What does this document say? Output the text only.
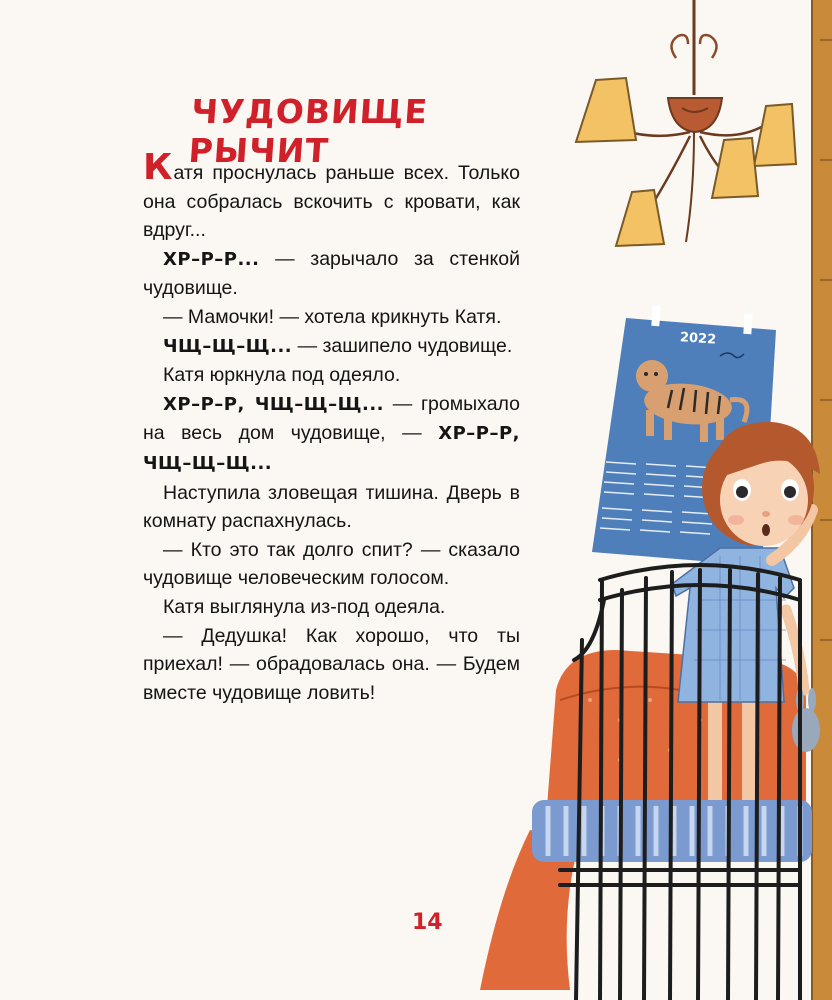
ЧУДОВИЩЕ РЫЧИТ

Катя проснулась раньше всех. Только она собралась вскочить с кровати, как вдруг...

ХР–Р–Р... — зарычало за стенкой чудовище.

— Мамочки! — хотела крикнуть Катя.

ЧЩ–Щ–Щ... — зашипело чудовище.

Катя юркнула под одеяло.

ХР–Р–Р, ЧЩ–Щ–Щ... — громыхало на весь дом чудовище, — ХР–Р–Р, ЧЩ–Щ–Щ...

Наступила зловещая тишина. Дверь в комнату распахнулась.

— Кто это так долго спит? — сказало чудовище человеческим голосом.

Катя выглянула из-под одеяла.

— Дедушка! Как хорошо, что ты приехал! — обрадовалась она. — Будем вместе чудовище ловить!

14
2022
